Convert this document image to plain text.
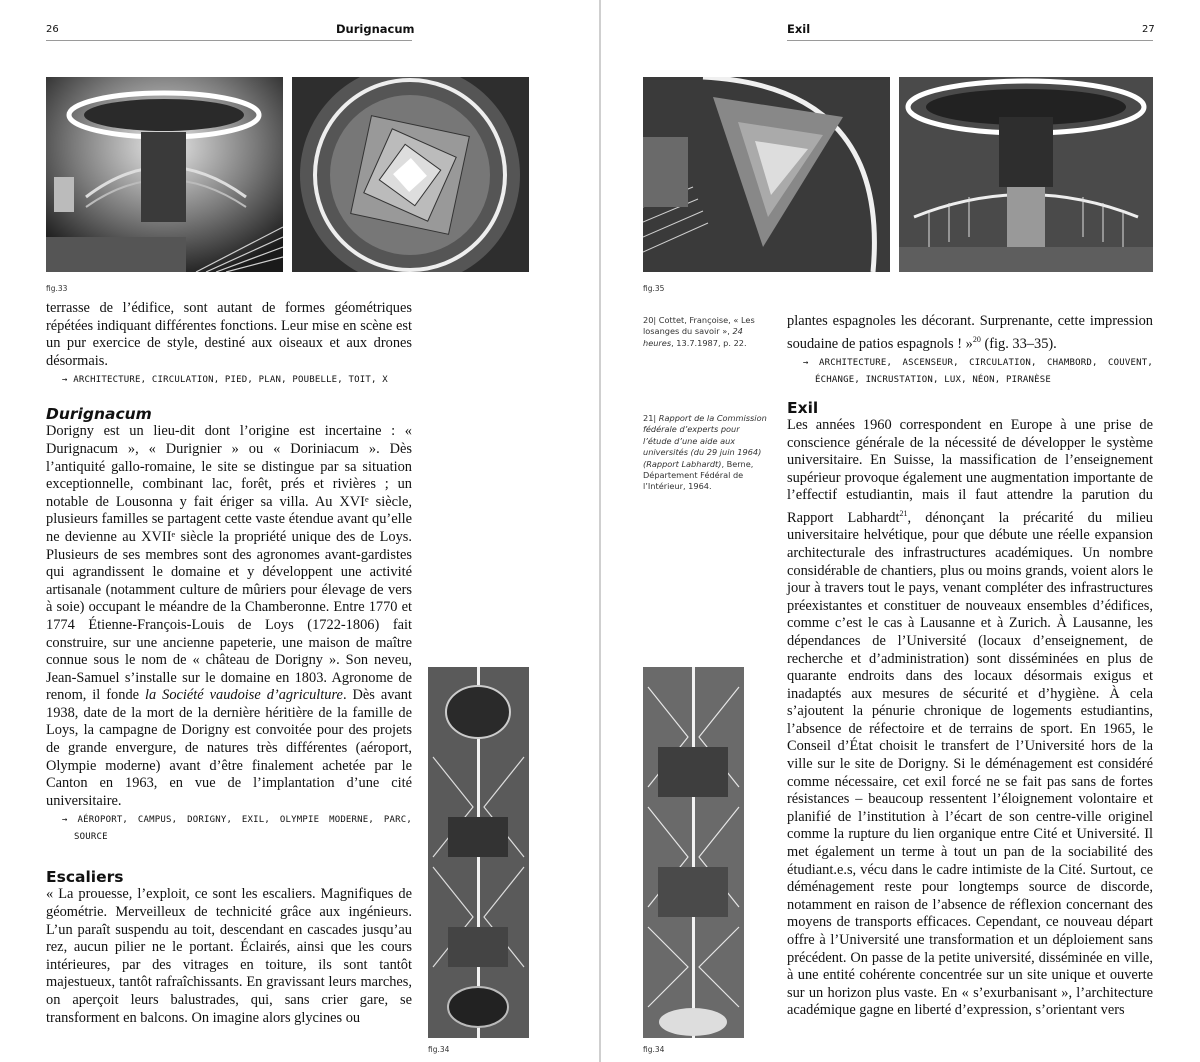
26	Durignacum
fig.33

terrasse de l’édifice, sont autant de formes géométriques répétées indiquant différentes fonctions. Leur mise en scène est un pur exercice de style, destiné aux oiseaux et aux drones désormais.

→ ARCHITECTURE, CIRCULATION, PIED, PLAN, POUBELLE, TOIT, X
Durignacum

Dorigny est un lieu-dit dont l’origine est incertaine : « Durignacum », « Durignier » ou « Doriniacum ». Dès l’antiquité gallo-romaine, le site se distingue par sa situation exceptionnelle, combinant lac, forêt, prés et rivières ; un notable de Lousonna y fait ériger sa villa. Au XVIᵉ siècle, plusieurs familles se partagent cette vaste étendue avant qu’elle ne devienne au XVIIᵉ siècle la propriété unique des de Loys. Plusieurs de ses membres sont des agronomes avant-gardistes qui agrandissent le domaine et y développent une activité artisanale (notamment culture de mûriers pour élevage de vers à soie) occupant le méandre de la Chamberonne. Entre 1770 et 1774 Étienne-François-Louis de Loys (1722-1806) fait construire, sur une ancienne papeterie, une maison de maître connue sous le nom de « château de Dorigny ». Son neveu, Jean-Samuel s’installe sur le domaine en 1803. Agronome de renom, il fonde la Société vaudoise d’agriculture. Dès avant 1938, date de la mort de la dernière héritière de la famille de Loys, la campagne de Dorigny est convoitée pour des projets de grande envergure, de natures très différentes (aéroport, Olympie moderne) avant d’être finalement achetée par le Canton en 1963, en vue de l’implantation d’une cité universitaire.

→ AÉROPORT, CAMPUS, DORIGNY, EXIL, OLYMPIE MODERNE, PARC, SOURCE
Escaliers

« La prouesse, l’exploit, ce sont les escaliers. Magnifiques de géométrie. Merveilleux de technicité grâce aux ingénieurs. L’un paraît suspendu au toit, descendant en cascades jusqu’au rez, aucun pilier ne le portant. Éclairés, ainsi que les cours intérieures, par des vitrages en toiture, ils sont tantôt majestueux, tantôt rafraîchissants. En gravissant leurs marches, on aperçoit leurs balustrades, qui, sans crier gare, se transforment en balcons. On imagine alors glycines ou

fig.34
Exil	27
fig.35
20| Cottet, Françoise, « Les losanges du savoir », 24 heures, 13.7.1987, p. 22.
21| Rapport de la Commission fédérale d’experts pour l’étude d’une aide aux universités (du 29 juin 1964) (Rapport Labhardt), Berne, Département Fédéral de l’Intérieur, 1964.

plantes espagnoles les décorant. Surprenante, cette impression soudaine de patios espagnols ! »$^{20}$ (fig. 33–35).

→ ARCHITECTURE, ASCENSEUR, CIRCULATION, CHAMBORD, COUVENT, ÉCHANGE, INCRUSTATION, LUX, NÉON, PIRANÈSE
Exil

Les années 1960 correspondent en Europe à une prise de conscience générale de la nécessité de développer le système universitaire. En Suisse, la massification de l’enseignement supérieur provoque également une augmentation importante de l’effectif estudiantin, mais il faut attendre la parution du Rapport Labhardt$^{21}$, dénonçant la précarité du milieu universitaire helvétique, pour que débute une réelle expansion architecturale des infrastructures académiques. Un nombre considérable de chantiers, plus ou moins grands, voient alors le jour à travers tout le pays, venant compléter des infrastructures préexistantes et constituer de nouveaux ensembles d’édifices, comme c’est le cas à Lausanne et à Zurich. À Lausanne, les dépendances de l’Université (locaux d’enseignement, de recherche et d’administration) sont disséminées en plus de quarante endroits dans des locaux désormais exigus et inadaptés aux mesures de sécurité et d’hygiène. À cela s’ajoutent la pénurie chronique de logements estudiantins, l’absence de réfectoire et de terrains de sport. En 1965, le Conseil d’État choisit le transfert de l’Université hors de la ville sur le site de Dorigny. Si le déménagement est considéré comme nécessaire, cet exil forcé ne se fait pas sans de fortes résistances – beaucoup ressentent l’éloignement volontaire et planifié de l’institution à l’écart de son centre-ville originel comme la rupture du lien organique entre Cité et Université. Il met également un terme à tout un pan de la sociabilité des étudiant.e.s, vécu dans le cadre intimiste de la Cité. Surtout, ce déménagement reste pour longtemps source de discorde, notamment en raison de l’absence de réflexion concernant des moyens de transports efficaces. Cependant, ce nouveau départ offre à l’Université une transformation et un déploiement sans précédent. On passe de la petite université, disséminée en ville, à une entité cohérente concentrée sur un site unique et ouverte sur un horizon plus vaste. En « s’exurbanisant », l’architecture académique gagne en liberté d’expression, s’orientant vers

fig.34
